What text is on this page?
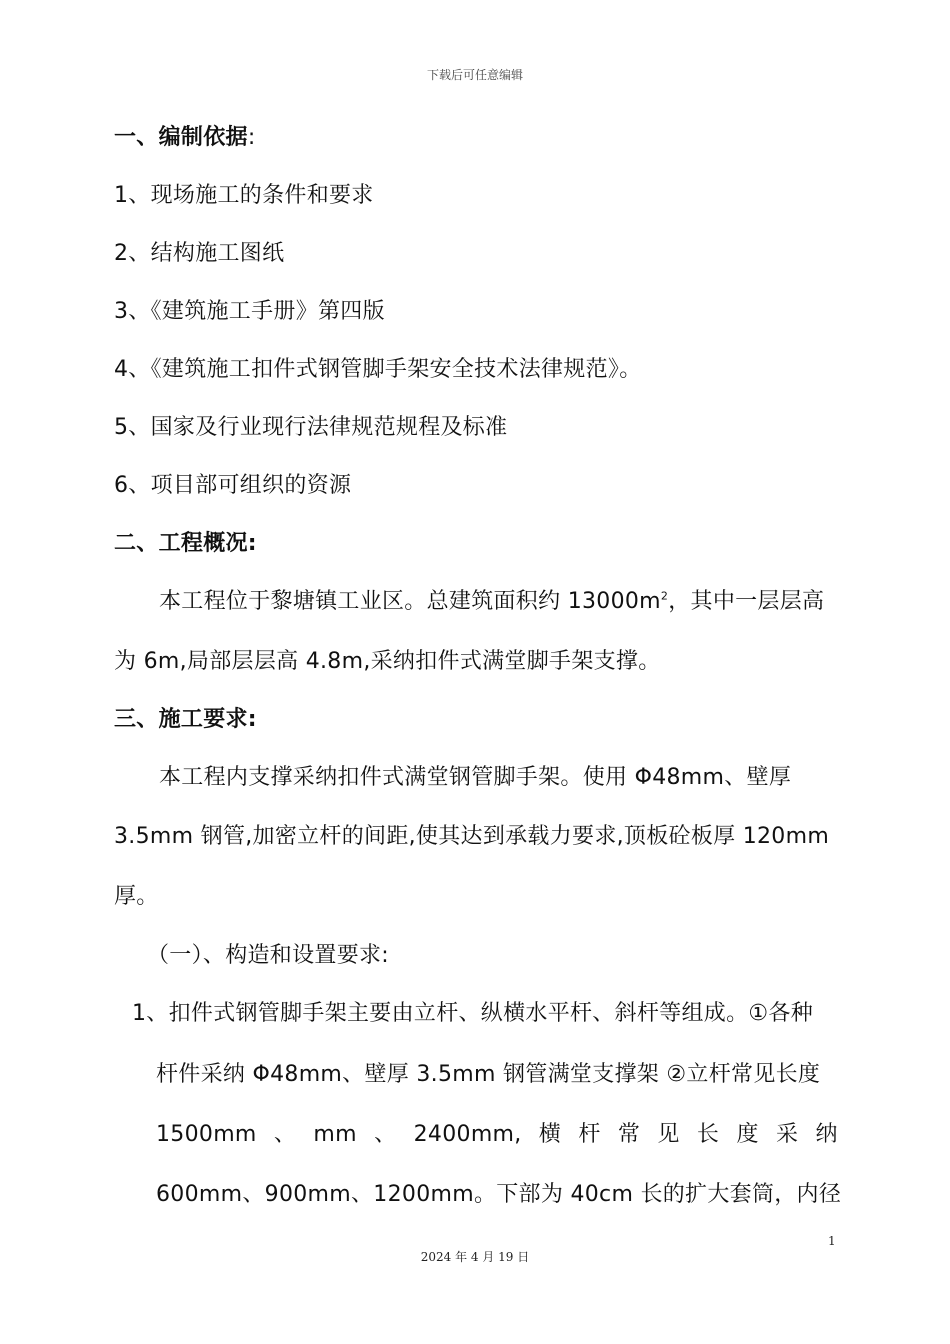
下载后可任意编辑
一、编制依据:
1、现场施工的条件和要求
2、结构施工图纸
3、《建筑施工手册》第四版
4、《建筑施工扣件式钢管脚手架安全技术法律规范》。
5、国家及行业现行法律规范规程及标准
6、项目部可组织的资源
二、工程概况:
本工程位于黎塘镇工业区。总建筑面积约 $13000m^2$，其中一层层高
为 6m,局部层层高 4.8m,采纳扣件式满堂脚手架支撑。
三、施工要求:
本工程内支撑采纳扣件式满堂钢管脚手架。使用 Φ48mm、壁厚
3.5mm 钢管,加密立杆的间距,使其达到承载力要求,顶板砼板厚 120mm
厚。
（一）、构造和设置要求:
1、扣件式钢管脚手架主要由立杆、纵横水平杆、斜杆等组成。①各种
杆件采纳 Φ48mm、壁厚 3.5mm 钢管满堂支撑架 ②立杆常见长度
1500mm 、 mm 、 2400mm, 横 杆 常 见 长 度 采 纳
600mm、900mm、1200mm。下部为 40cm 长的扩大套筒，内径
1
2024 年 4 月 19 日
